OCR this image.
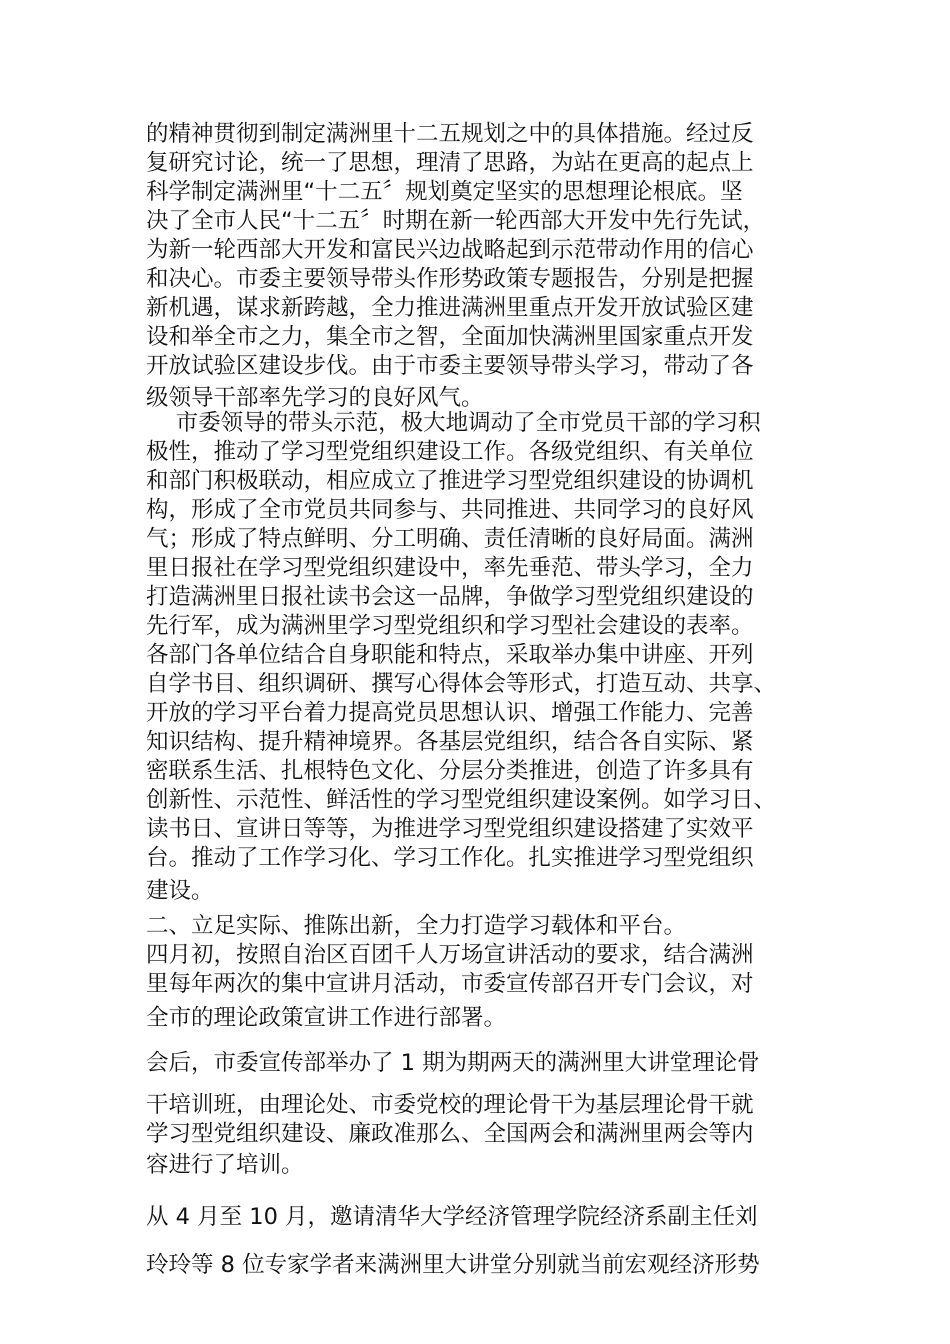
的精神贯彻到制定满洲里十二五规划之中的具体措施。经过反
复研究讨论，统一了思想，理清了思路，为站在更高的起点上
科学制定满洲里“十二五〞规划奠定坚实的思想理论根底。坚
决了全市人民“十二五〞时期在新一轮西部大开发中先行先试，
为新一轮西部大开发和富民兴边战略起到示范带动作用的信心
和决心。市委主要领导带头作形势政策专题报告，分别是把握
新机遇，谋求新跨越，全力推进满洲里重点开发开放试验区建
设和举全市之力，集全市之智，全面加快满洲里国家重点开发
开放试验区建设步伐。由于市委主要领导带头学习，带动了各
级领导干部率先学习的良好风气。
　 市委领导的带头示范，极大地调动了全市党员干部的学习积
极性，推动了学习型党组织建设工作。各级党组织、有关单位
和部门积极联动，相应成立了推进学习型党组织建设的协调机
构，形成了全市党员共同参与、共同推进、共同学习的良好风
气；形成了特点鲜明、分工明确、责任清晰的良好局面。满洲
里日报社在学习型党组织建设中，率先垂范、带头学习，全力
打造满洲里日报社读书会这一品牌，争做学习型党组织建设的
先行军，成为满洲里学习型党组织和学习型社会建设的表率。
各部门各单位结合自身职能和特点，采取举办集中讲座、开列
自学书目、组织调研、撰写心得体会等形式，打造互动、共享、
开放的学习平台着力提高党员思想认识、增强工作能力、完善
知识结构、提升精神境界。各基层党组织，结合各自实际、紧
密联系生活、扎根特色文化、分层分类推进，创造了许多具有
创新性、示范性、鲜活性的学习型党组织建设案例。如学习日、
读书日、宣讲日等等，为推进学习型党组织建设搭建了实效平
台。推动了工作学习化、学习工作化。扎实推进学习型党组织
建设。
二、立足实际、推陈出新，全力打造学习载体和平台。
四月初，按照自治区百团千人万场宣讲活动的要求，结合满洲
里每年两次的集中宣讲月活动，市委宣传部召开专门会议，对
全市的理论政策宣讲工作进行部署。
会后，市委宣传部举办了 1 期为期两天的满洲里大讲堂理论骨
干培训班，由理论处、市委党校的理论骨干为基层理论骨干就
学习型党组织建设、廉政准那么、全国两会和满洲里两会等内
容进行了培训。
从 4 月至 10 月，邀请清华大学经济管理学院经济系副主任刘
玲玲等 8 位专家学者来满洲里大讲堂分别就当前宏观经济形势
